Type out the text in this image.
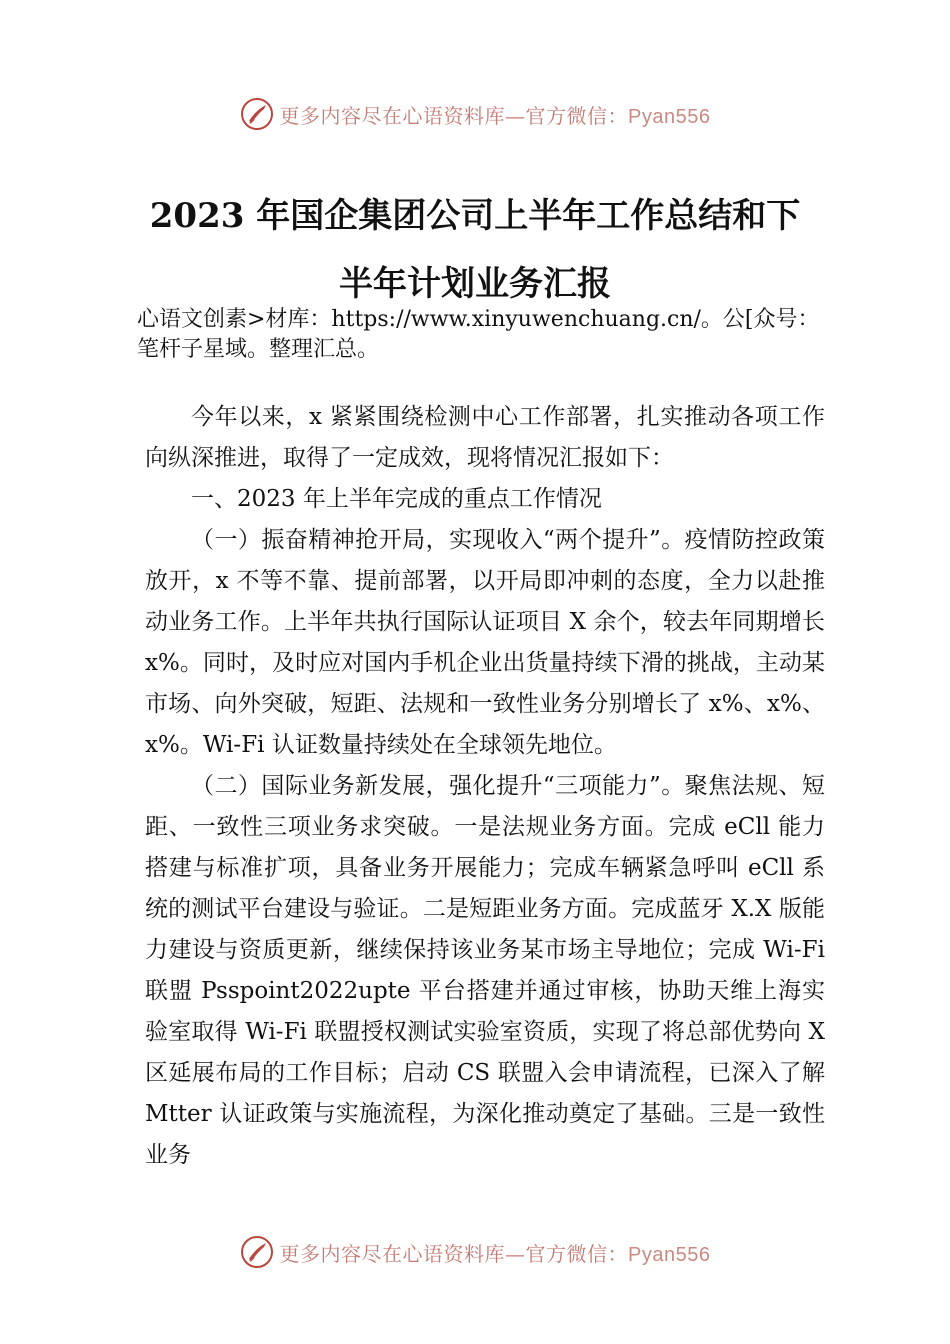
更多内容尽在心语资料库—官方微信：Pyan556
2023 年国企集团公司上半年工作总结和下
半年计划业务汇报

心语文创素>材库：https://www.xinyuwenchuang.cn/。公[众号：笔杆子星域。整理汇总。

今年以来，x 紧紧围绕检测中心工作部署，扎实推动各项工作向纵深推进，取得了一定成效，现将情况汇报如下：

一、2023 年上半年完成的重点工作情况

（一）振奋精神抢开局，实现收入“两个提升”。疫情防控政策放开，x 不等不靠、提前部署，以开局即冲刺的态度，全力以赴推动业务工作。上半年共执行国际认证项目 X 余个，较去年同期增长 x%。同时，及时应对国内手机企业出货量持续下滑的挑战，主动某市场、向外突破，短距、法规和一致性业务分别增长了 x%、x%、x%。Wi-Fi 认证数量持续处在全球领先地位。

（二）国际业务新发展，强化提升“三项能力”。聚焦法规、短距、一致性三项业务求突破。一是法规业务方面。完成 eCll 能力搭建与标准扩项，具备业务开展能力；完成车辆紧急呼叫 eCll 系统的测试平台建设与验证。二是短距业务方面。完成蓝牙 X.X 版能力建设与资质更新，继续保持该业务某市场主导地位；完成 Wi-Fi 联盟 Psspoint2022upte 平台搭建并通过审核，协助天维上海实验室取得 Wi-Fi 联盟授权测试实验室资质，实现了将总部优势向 X 区延展布局的工作目标；启动 CS 联盟入会申请流程，已深入了解 Mtter 认证政策与实施流程，为深化推动奠定了基础。三是一致性业务

更多内容尽在心语资料库—官方微信：Pyan556
